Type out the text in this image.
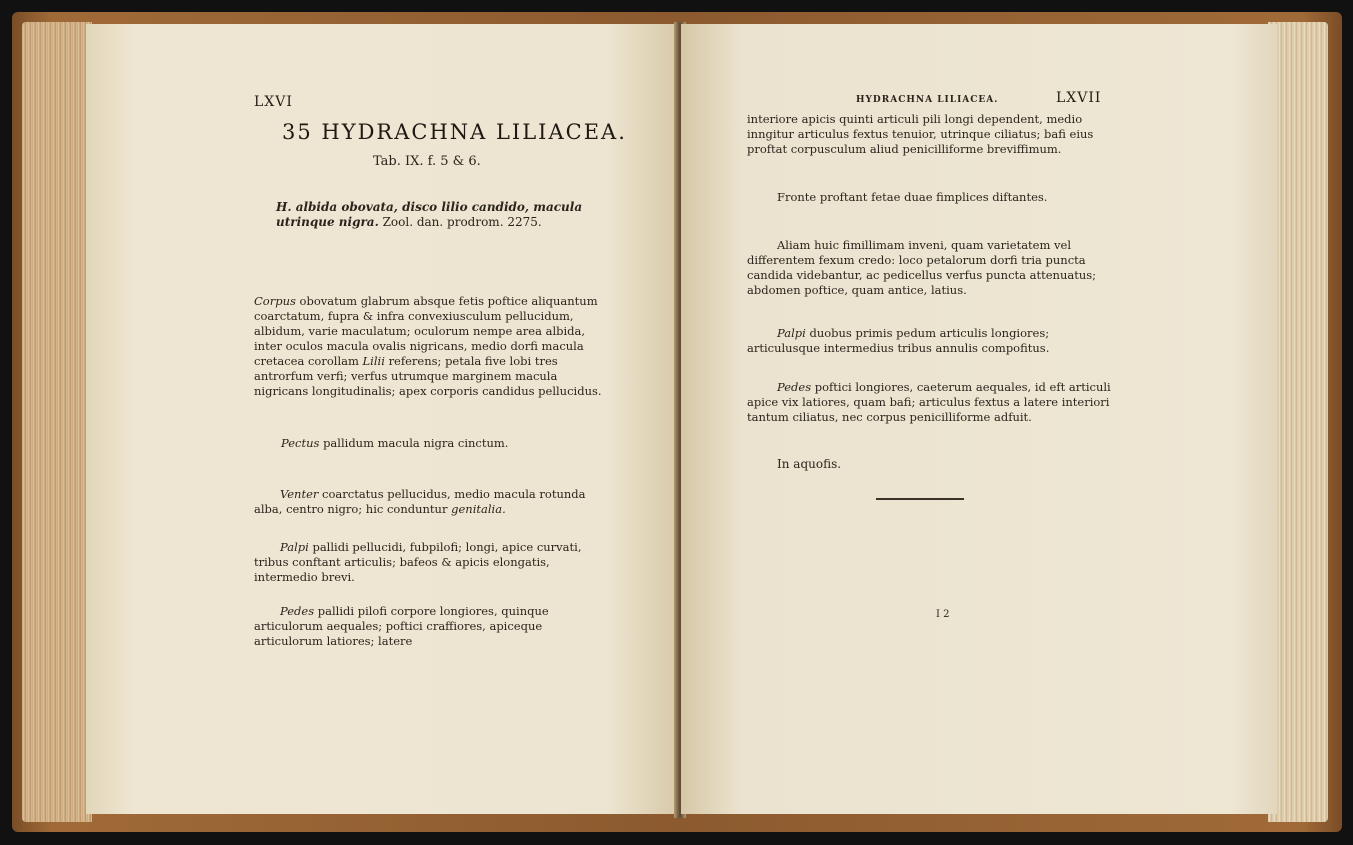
LXVI
35 HYDRACHNA LILIACEA.
Tab. IX. f. 5 & 6.

H. albida obovata, disco lilio candido, macula utrinque nigra. Zool. dan. prodrom. 2275.

Corpus obovatum glabrum absque fetis poftice aliquantum coarctatum, fupra & infra convexiusculum pellucidum, albidum, varie maculatum; oculorum nempe area albida, inter oculos macula ovalis nigricans, medio dorfi macula cretacea corollam Lilii referens; petala five lobi tres antrorfum verfi; verfus utrumque marginem macula nigricans longitudinalis; apex corporis candidus pellucidus.

Pectus pallidum macula nigra cinctum.

Venter coarctatus pellucidus, medio macula rotunda alba, centro nigro; hic conduntur genitalia.

Palpi pallidi pellucidi, fubpilofi; longi, apice curvati, tribus conftant articulis; bafeos & apicis elongatis, intermedio brevi.

Pedes pallidi pilofi corpore longiores, quinque articulorum aequales; poftici craffiores, apiceque articulorum latiores; latere

HYDRACHNA LILIACEA.	LXVII

interiore apicis quinti articuli pili longi dependent, medio inngitur articulus fextus tenuior, utrinque ciliatus; bafi eius proftat corpusculum aliud penicilliforme breviffimum.

Fronte proftant fetae duae fimplices diftantes.

Aliam huic fimillimam inveni, quam varietatem vel differentem fexum credo: loco petalorum dorfi tria puncta candida videbantur, ac pedicellus verfus puncta attenuatus; abdomen poftice, quam antice, latius.

Palpi duobus primis pedum articulis longiores; articulusque intermedius tribus annulis compofitus.

Pedes poftici longiores, caeterum aequales, id eft articuli apice vix latiores, quam bafi; articulus fextus a latere interiori tantum ciliatus, nec corpus penicilliforme adfuit.

In aquofis.

I 2
